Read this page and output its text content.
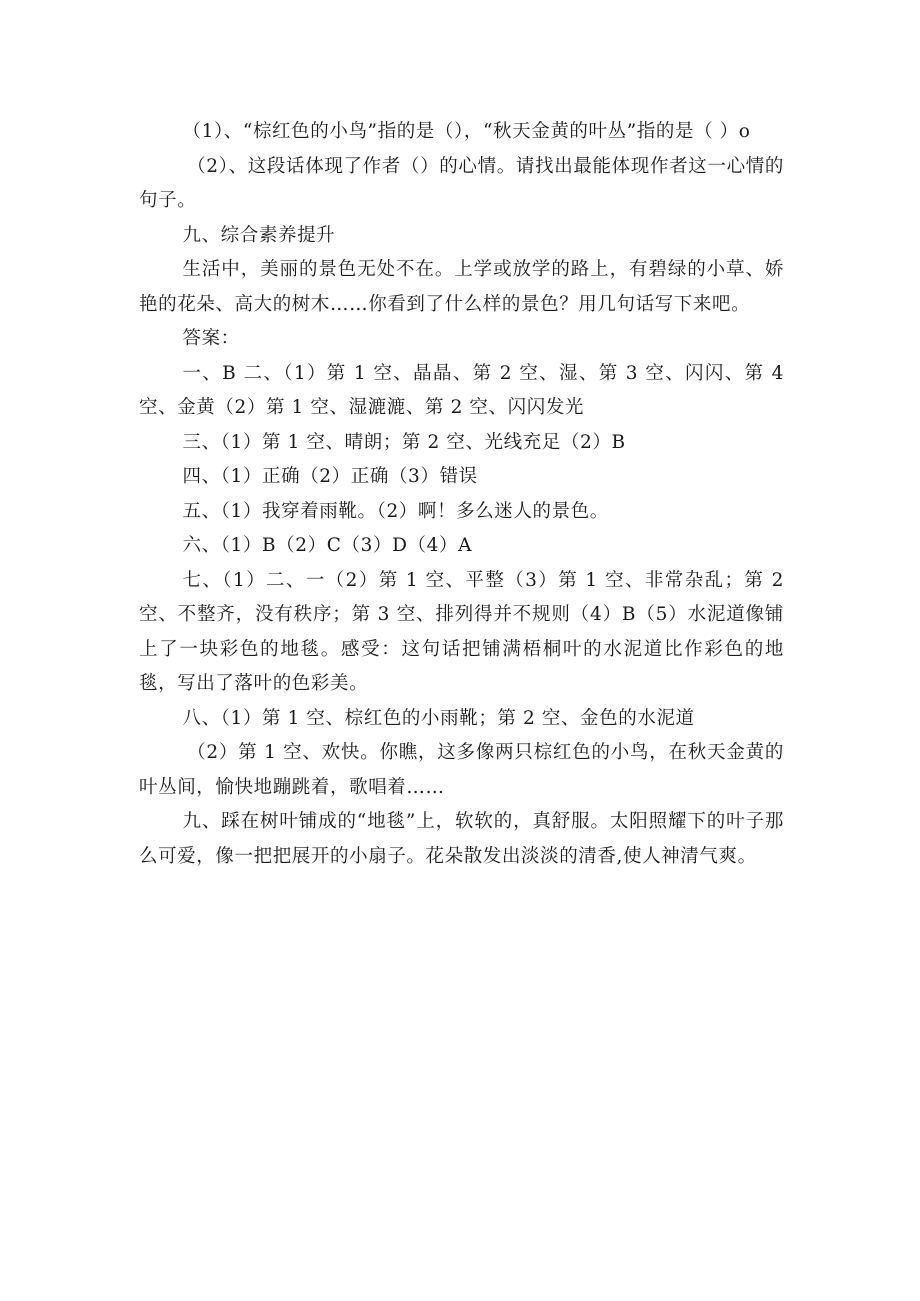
（1）、“棕红色的小鸟”指的是（），“秋天金黄的叶丛”指的是（ ）o

（2）、这段话体现了作者（）的心情。请找出最能体现作者这一心情的句子。

九、综合素养提升

生活中，美丽的景色无处不在。上学或放学的路上，有碧绿的小草、娇艳的花朵、高大的树木……你看到了什么样的景色？用几句话写下来吧。

答案：

一、B 二、（1）第 1 空、晶晶、第 2 空、湿、第 3 空、闪闪、第 4 空、金黄（2）第 1 空、湿漉漉、第 2 空、闪闪发光

三、（1）第 1 空、晴朗；第 2 空、光线充足（2）B

四、（1）正确（2）正确（3）错误

五、（1）我穿着雨靴。（2）啊！多么迷人的景色。

六、（1）B（2）C（3）D（4）A

七、（1）二、一（2）第 1 空、平整（3）第 1 空、非常杂乱；第 2 空、不整齐，没有秩序；第 3 空、排列得并不规则（4）B（5）水泥道像铺上了一块彩色的地毯。感受：这句话把铺满梧桐叶的水泥道比作彩色的地毯，写出了落叶的色彩美。

八、（1）第 1 空、棕红色的小雨靴；第 2 空、金色的水泥道

（2）第 1 空、欢快。你瞧，这多像两只棕红色的小鸟，在秋天金黄的叶丛间，愉快地蹦跳着，歌唱着……

九、踩在树叶铺成的“地毯”上，软软的，真舒服。太阳照耀下的叶子那么可爱，像一把把展开的小扇子。花朵散发出淡淡的清香,使人神清气爽。
